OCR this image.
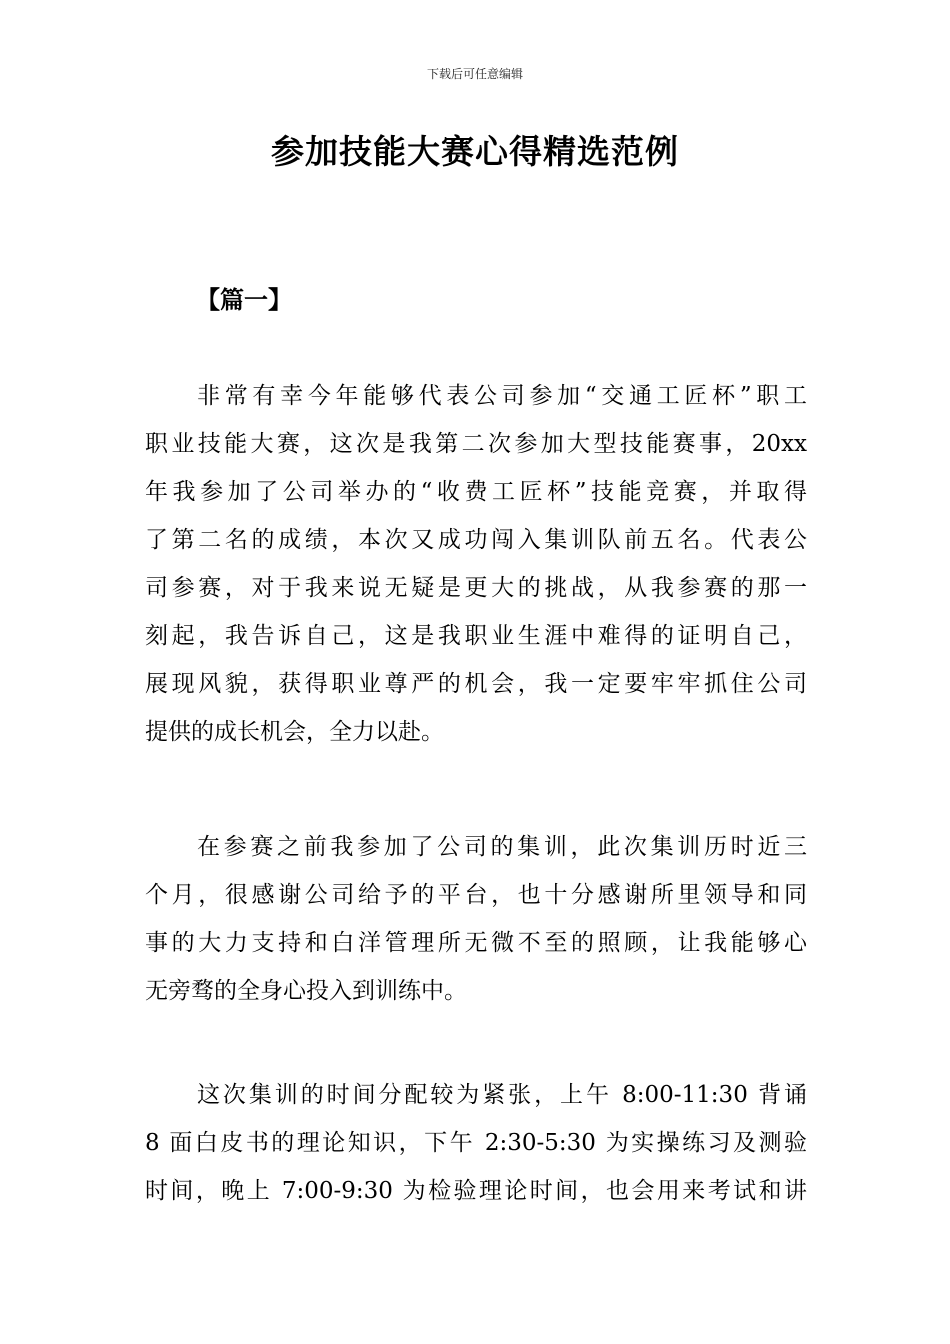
下载后可任意编辑
参加技能大赛心得精选范例
【篇一】
非常有幸今年能够代表公司参加“交通工匠杯”职工
职业技能大赛，这次是我第二次参加大型技能赛事，20xx
年我参加了公司举办的“收费工匠杯”技能竞赛，并取得
了第二名的成绩，本次又成功闯入集训队前五名。代表公
司参赛，对于我来说无疑是更大的挑战，从我参赛的那一
刻起，我告诉自己，这是我职业生涯中难得的证明自己，
展现风貌，获得职业尊严的机会，我一定要牢牢抓住公司
提供的成长机会，全力以赴。
在参赛之前我参加了公司的集训，此次集训历时近三
个月，很感谢公司给予的平台，也十分感谢所里领导和同
事的大力支持和白洋管理所无微不至的照顾，让我能够心
无旁骛的全身心投入到训练中。
这次集训的时间分配较为紧张，上午 8:00-11:30 背诵
8 面白皮书的理论知识，下午 2:30-5:30 为实操练习及测验
时间，晚上 7:00-9:30 为检验理论时间，也会用来考试和讲
